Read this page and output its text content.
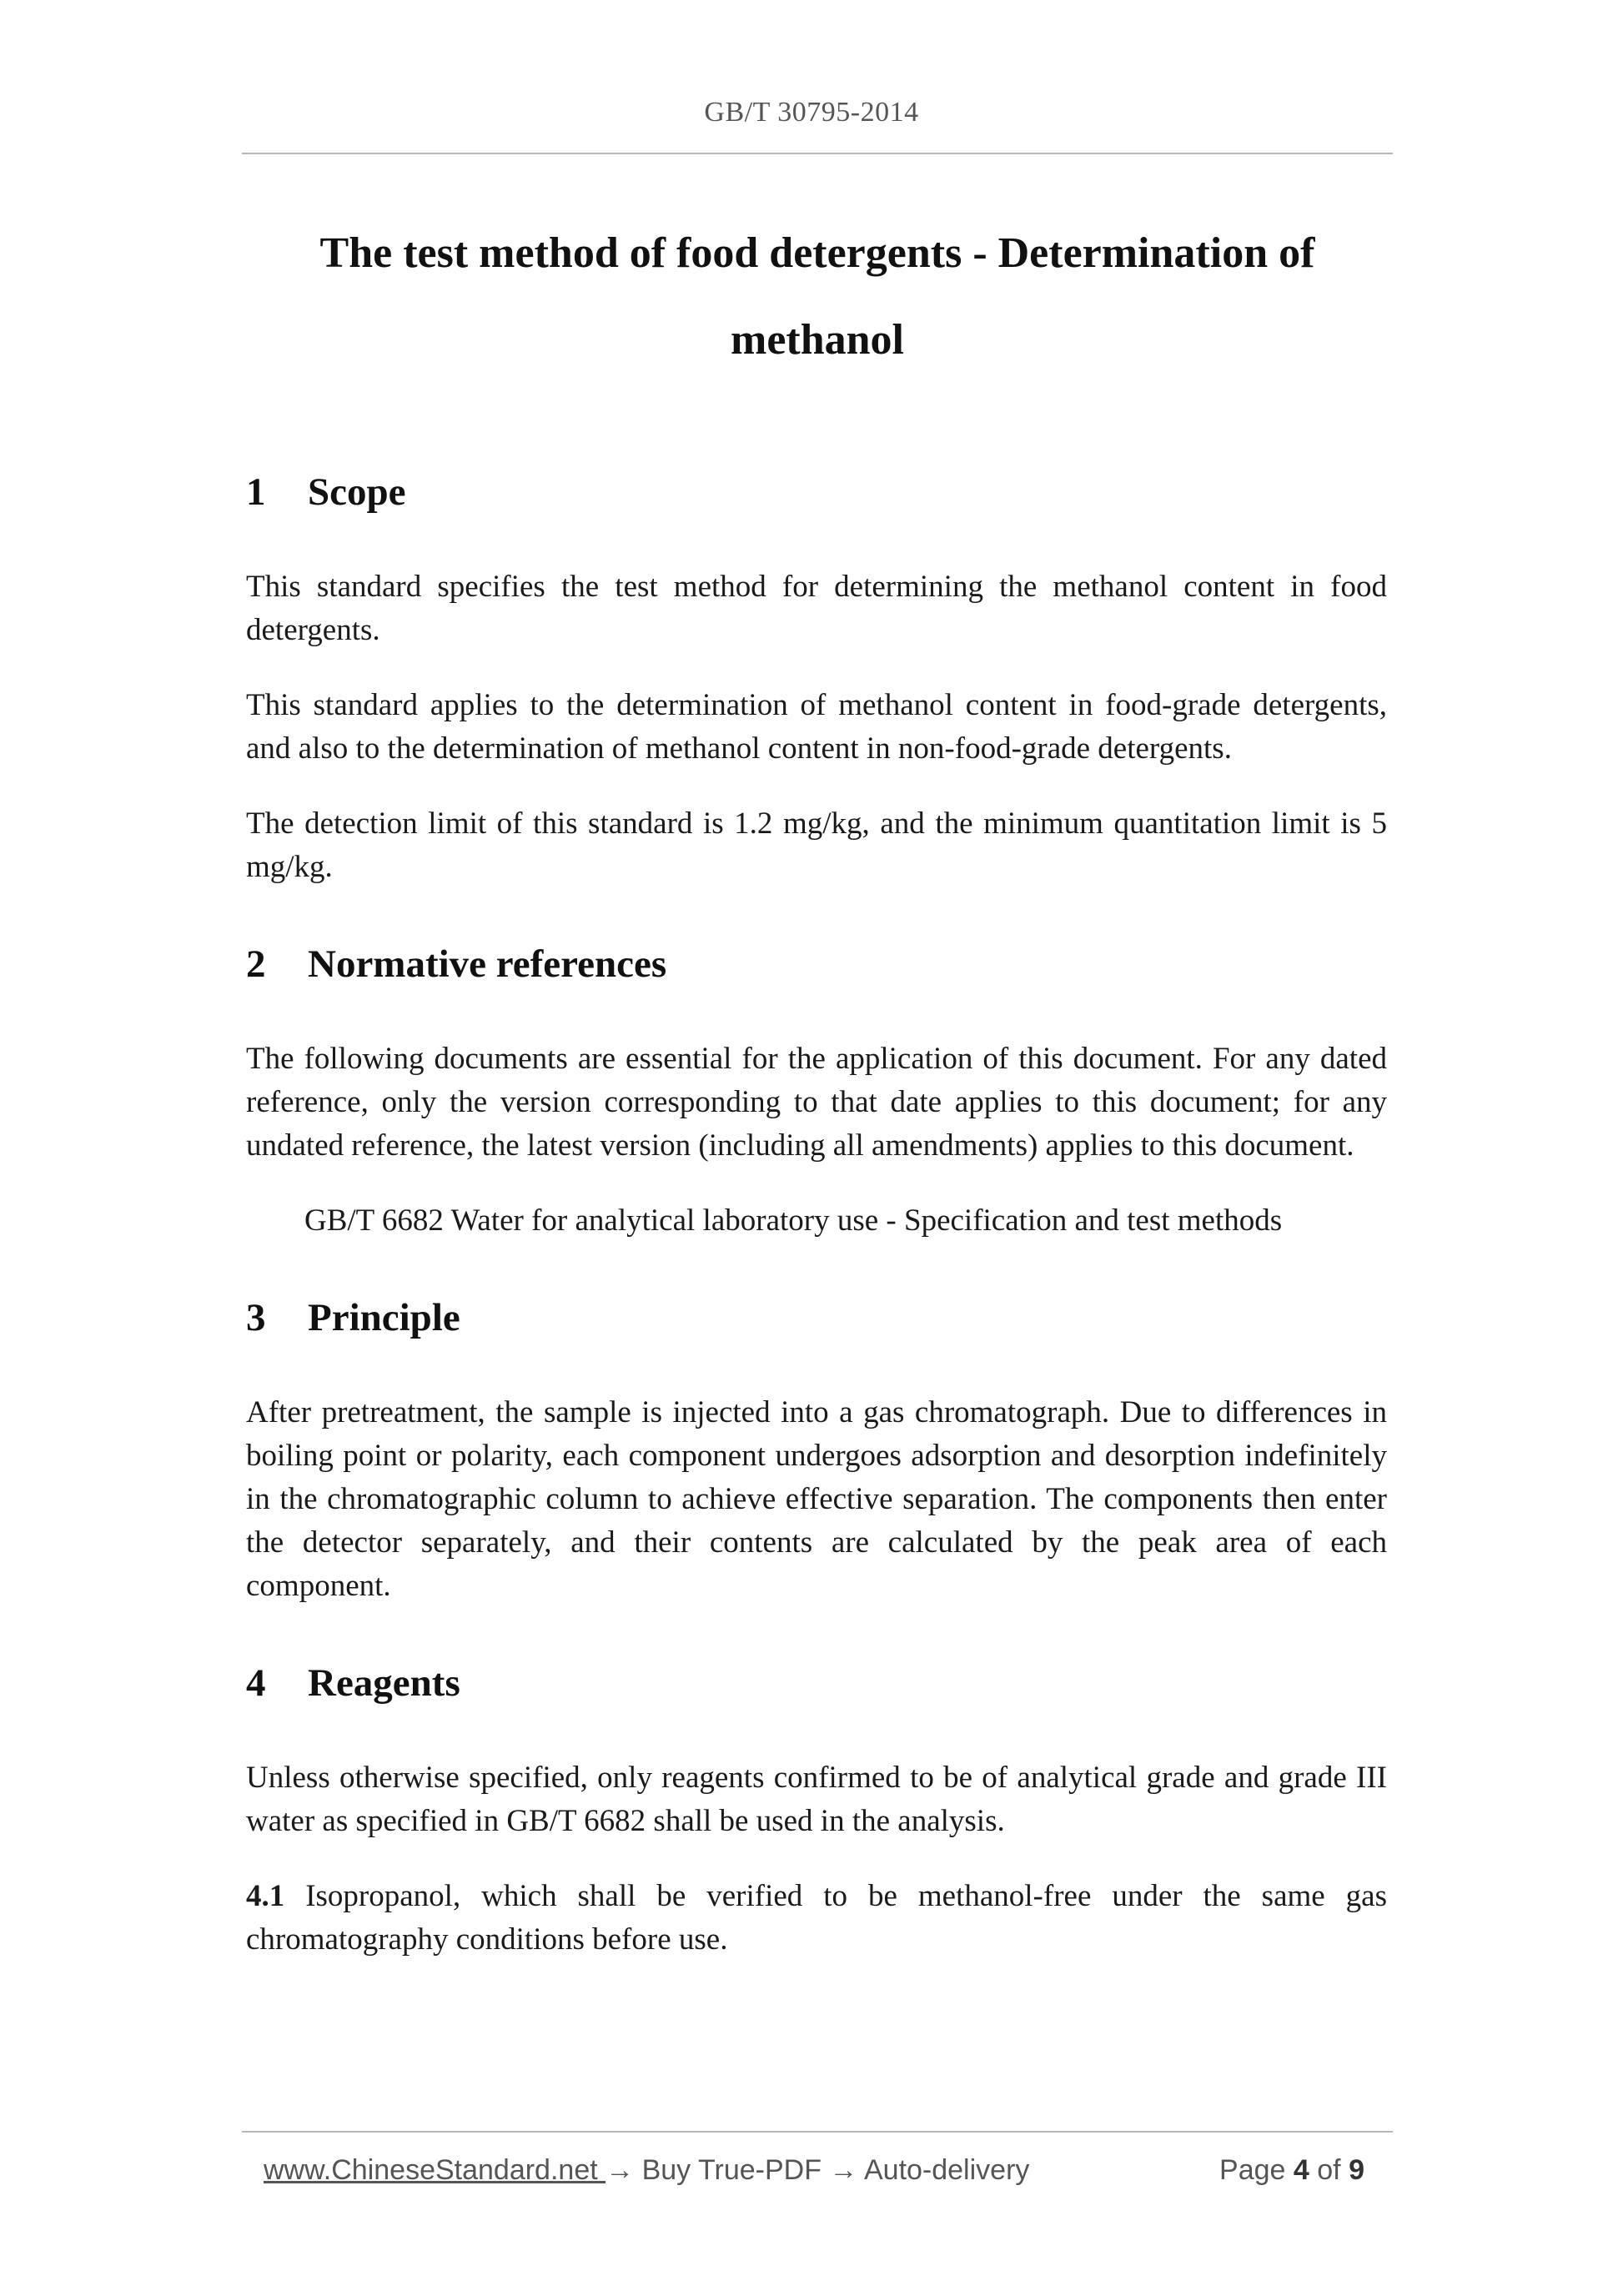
GB/T 30795-2014
The test method of food detergents - Determination of
methanol
1	Scope

This standard specifies the test method for determining the methanol content in food detergents.

This standard applies to the determination of methanol content in food-grade detergents, and also to the determination of methanol content in non-food-grade detergents.

The detection limit of this standard is 1.2 mg/kg, and the minimum quantitation limit is 5 mg/kg.

2	Normative references

The following documents are essential for the application of this document. For any dated reference, only the version corresponding to that date applies to this document; for any undated reference, the latest version (including all amendments) applies to this document.

GB/T 6682 Water for analytical laboratory use - Specification and test methods

3	Principle

After pretreatment, the sample is injected into a gas chromatograph. Due to differences in boiling point or polarity, each component undergoes adsorption and desorption indefinitely in the chromatographic column to achieve effective separation. The components then enter the detector separately, and their contents are calculated by the peak area of each component.

4	Reagents

Unless otherwise specified, only reagents confirmed to be of analytical grade and grade III water as specified in GB/T 6682 shall be used in the analysis.

4.1 Isopropanol, which shall be verified to be methanol-free under the same gas chromatography conditions before use.

www.ChineseStandard.net → Buy True-PDF → Auto-delivery	Page 4 of 9
